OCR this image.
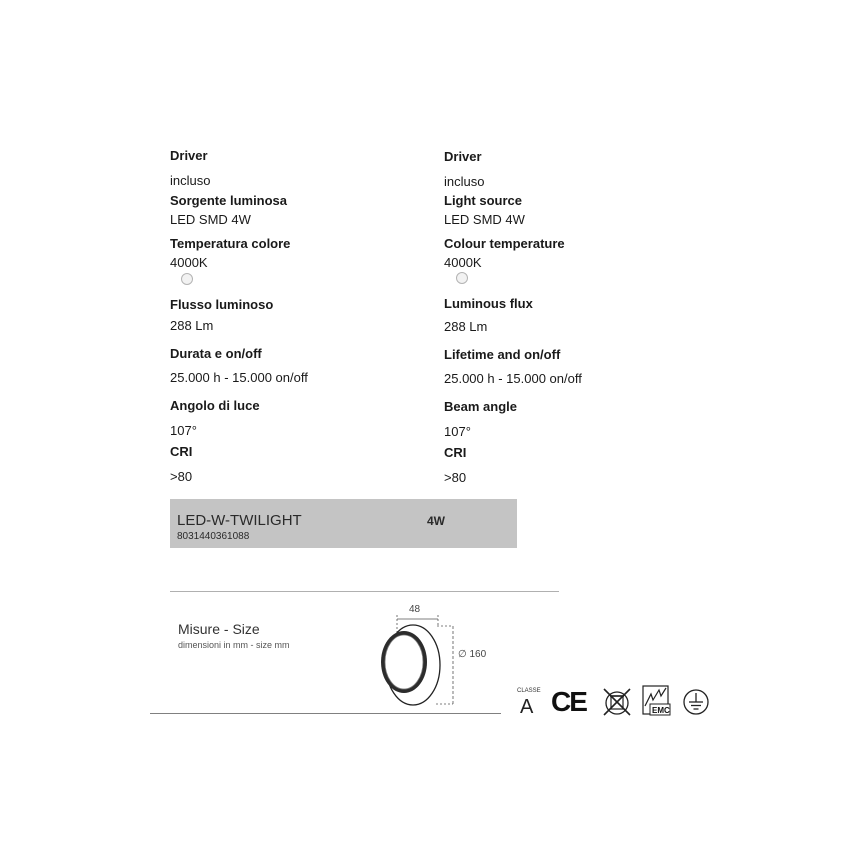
Driver
incluso
Sorgente luminosa
LED SMD 4W
Temperatura colore
4000K
Flusso luminoso
288 Lm
Durata e on/off
25.000 h - 15.000 on/off
Angolo di luce
107°
CRI
>80
Driver
incluso
Light source
LED SMD 4W
Colour temperature
4000K
Luminous flux
288 Lm
Lifetime and on/off
25.000 h - 15.000 on/off
Beam angle
107°
CRI
>80
LED-W-TWILIGHT
8031440361088
4W
Misure - Size
dimensioni in mm - size mm
48
∅ 160
CLASSE
A CE	EMC
